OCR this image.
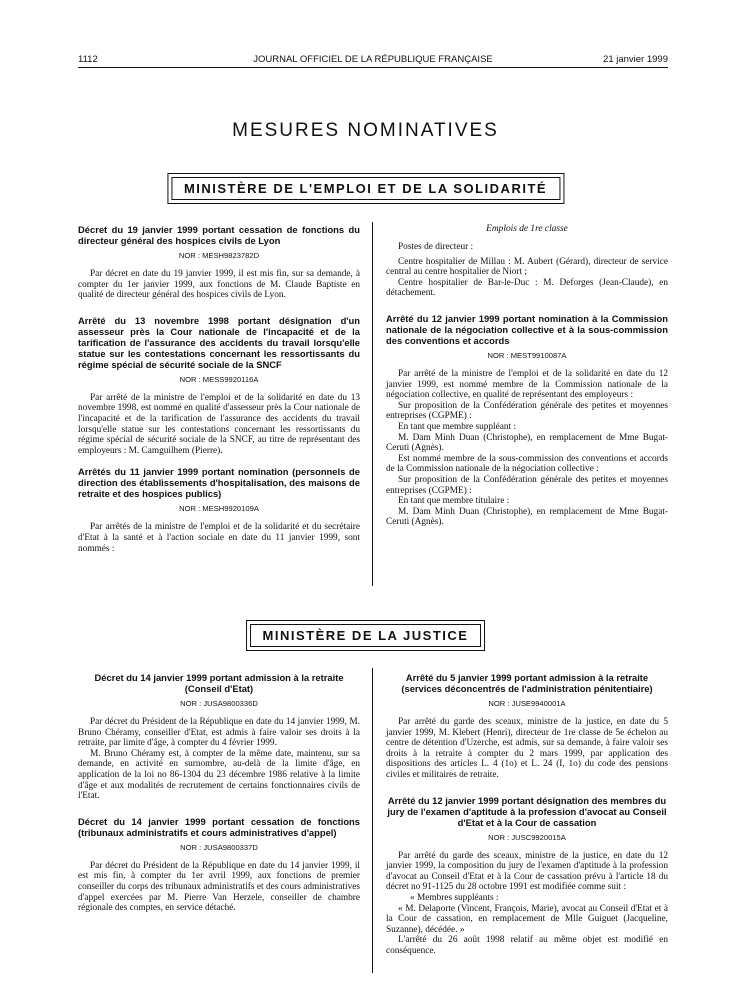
1112	JOURNAL OFFICIEL DE LA RÉPUBLIQUE FRANÇAISE	21 janvier 1999
MESURES NOMINATIVES
MINISTÈRE DE L'EMPLOI ET DE LA SOLIDARITÉ
Décret du 19 janvier 1999 portant cessation de fonctions du directeur général des hospices civils de Lyon
NOR : MESH9823782D

Par décret en date du 19 janvier 1999, il est mis fin, sur sa demande, à compter du 1er janvier 1999, aux fonctions de M. Claude Baptiste en qualité de directeur général des hospices civils de Lyon.

Arrêté du 13 novembre 1998 portant désignation d'un assesseur près la Cour nationale de l'incapacité et de la tarification de l'assurance des accidents du travail lorsqu'elle statue sur les contestations concernant les ressortissants du régime spécial de sécurité sociale de la SNCF
NOR : MESS9920116A

Par arrêté de la ministre de l'emploi et de la solidarité en date du 13 novembre 1998, est nommé en qualité d'assesseur près la Cour nationale de l'incapacité et de la tarification de l'assurance des accidents du travail lorsqu'elle statue sur les contestations concernant les ressortissants du régime spécial de sécurité sociale de la SNCF, au titre de représentant des employeurs : M. Camguilhem (Pierre).

Arrêtés du 11 janvier 1999 portant nomination (personnels de direction des établissements d'hospitalisation, des maisons de retraite et des hospices publics)
NOR : MESH9920109A

Par arrêtés de la ministre de l'emploi et de la solidarité et du secrétaire d'Etat à la santé et à l'action sociale en date du 11 janvier 1999, sont nommés :

Emplois de 1re classe

Postes de directeur :

Centre hospitalier de Millau : M. Aubert (Gérard), directeur de service central au centre hospitalier de Niort ;

Centre hospitalier de Bar-le-Duc : M. Deforges (Jean-Claude), en détachement.

Arrêté du 12 janvier 1999 portant nomination à la Commission nationale de la négociation collective et à la sous-commission des conventions et accords
NOR : MEST9910087A

Par arrêté de la ministre de l'emploi et de la solidarité en date du 12 janvier 1999, est nommé membre de la Commission nationale de la négociation collective, en qualité de représentant des employeurs :

Sur proposition de la Confédération générale des petites et moyennes entreprises (CGPME) :

En tant que membre suppléant :

M. Dam Minh Duan (Christophe), en remplacement de Mme Bugat-Ceruti (Agnès).

Est nommé membre de la sous-commission des conventions et accords de la Commission nationale de la négociation collective :

Sur proposition de la Confédération générale des petites et moyennes entreprises (CGPME) :

En tant que membre titulaire :

M. Dam Minh Duan (Christophe), en remplacement de Mme Bugat-Ceruti (Agnès).

MINISTÈRE DE LA JUSTICE
Décret du 14 janvier 1999 portant admission à la retraite (Conseil d'Etat)
NOR : JUSA9800336D

Par décret du Président de la République en date du 14 janvier 1999, M. Bruno Chéramy, conseiller d'Etat, est admis à faire valoir ses droits à la retraite, par limite d'âge, à compter du 4 février 1999.

M. Bruno Chéramy est, à compter de la même date, maintenu, sur sa demande, en activité en surnombre, au-delà de la limite d'âge, en application de la loi no 86-1304 du 23 décembre 1986 relative à la limite d'âge et aux modalités de recrutement de certains fonctionnaires civils de l'Etat.

Décret du 14 janvier 1999 portant cessation de fonctions (tribunaux administratifs et cours administratives d'appel)
NOR : JUSA9800337D

Par décret du Président de la République en date du 14 janvier 1999, il est mis fin, à compter du 1er avril 1999, aux fonctions de premier conseiller du corps des tribunaux administratifs et des cours administratives d'appel exercées par M. Pierre Van Herzele, conseiller de chambre régionale des comptes, en service détaché.

Arrêté du 5 janvier 1999 portant admission à la retraite (services déconcentrés de l'administration pénitentiaire)
NOR : JUSE9940001A

Par arrêté du garde des sceaux, ministre de la justice, en date du 5 janvier 1999, M. Klebert (Henri), directeur de 1re classe de 5e échelon au centre de détention d'Uzerche, est admis, sur sa demande, à faire valoir ses droits à la retraite à compter du 2 mars 1999, par application des dispositions des articles L. 4 (1o) et L. 24 (I, 1o) du code des pensions civiles et militaires de retraite.

Arrêté du 12 janvier 1999 portant désignation des membres du jury de l'examen d'aptitude à la profession d'avocat au Conseil d'Etat et à la Cour de cassation
NOR : JUSC9920015A

Par arrêté du garde des sceaux, ministre de la justice, en date du 12 janvier 1999, la composition du jury de l'examen d'aptitude à la profession d'avocat au Conseil d'Etat et à la Cour de cassation prévu à l'article 18 du décret no 91-1125 du 28 octobre 1991 est modifiée comme suit :

« Membres suppléants :

« M. Delaporte (Vincent, François, Marie), avocat au Conseil d'Etat et à la Cour de cassation, en remplacement de Mlle Guiguet (Jacqueline, Suzanne), décédée. »

L'arrêté du 26 août 1998 relatif au même objet est modifié en conséquence.
